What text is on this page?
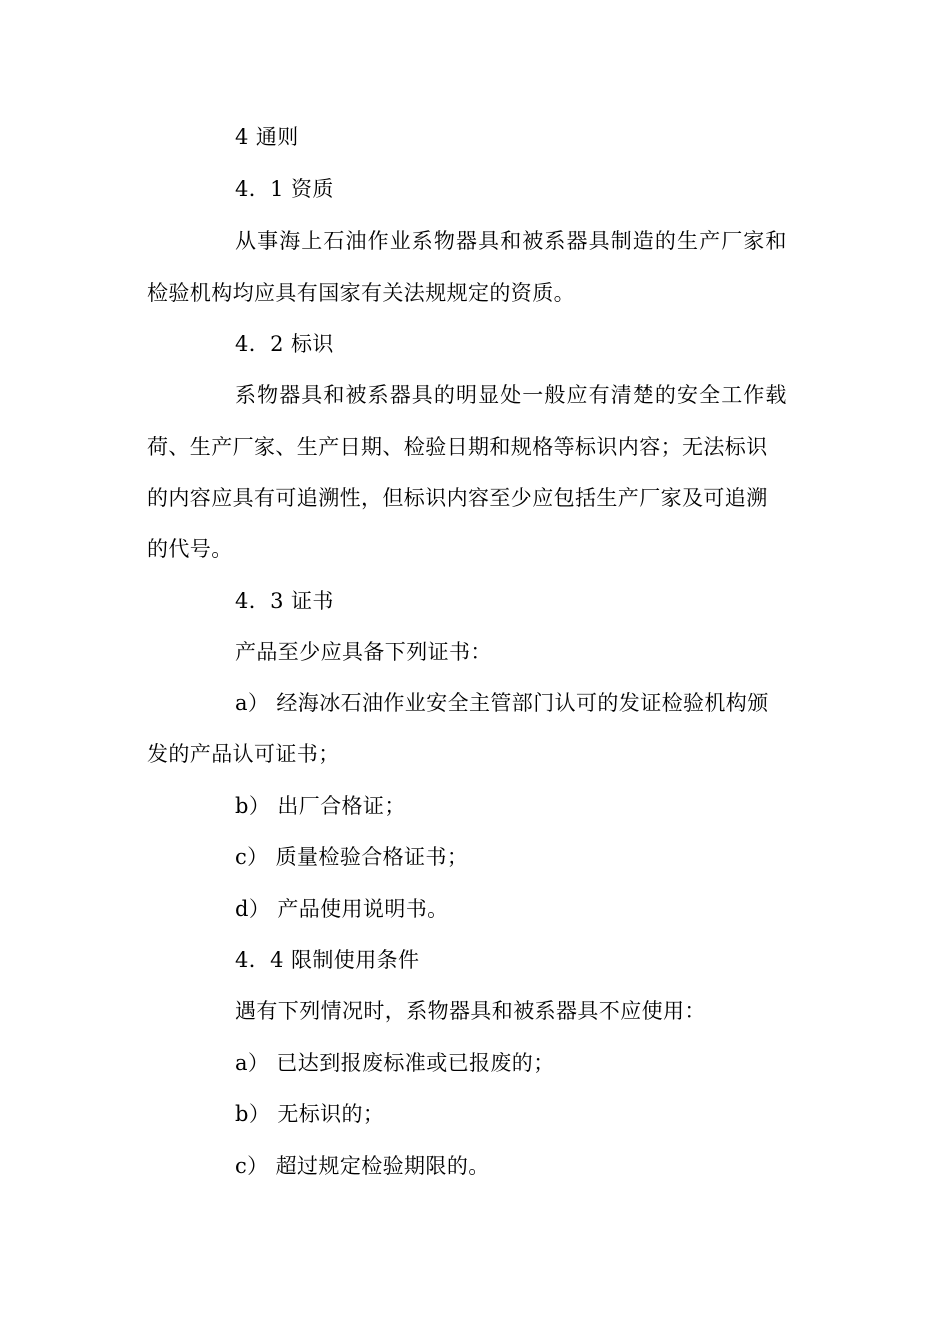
4 通则
4．1 资质
从事海上石油作业系物器具和被系器具制造的生产厂家和
检验机构均应具有国家有关法规规定的资质。
4．2 标识
系物器具和被系器具的明显处一般应有清楚的安全工作载
荷、生产厂家、生产日期、检验日期和规格等标识内容；无法标识
的内容应具有可追溯性，但标识内容至少应包括生产厂家及可追溯
的代号。
4．3 证书
产品至少应具备下列证书：
a） 经海冰石油作业安全主管部门认可的发证检验机构颁
发的产品认可证书；
b） 出厂合格证；
c） 质量检验合格证书；
d） 产品使用说明书。
4．4 限制使用条件
遇有下列情况时，系物器具和被系器具不应使用：
a） 已达到报废标准或已报废的；
b） 无标识的；
c） 超过规定检验期限的。
